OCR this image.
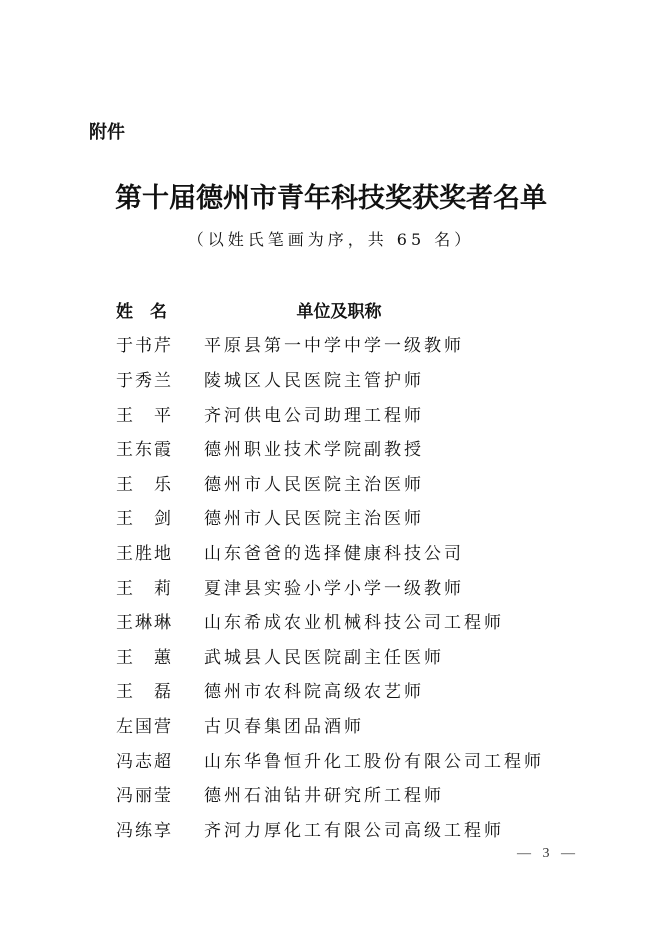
附件
第十届德州市青年科技奖获奖者名单
（以姓氏笔画为序，共 65 名）
姓　名	单位及职称
于书芹	平原县第一中学中学一级教师
于秀兰	陵城区人民医院主管护师
王　平	齐河供电公司助理工程师
王东霞	德州职业技术学院副教授
王　乐	德州市人民医院主治医师
王　剑	德州市人民医院主治医师
王胜地	山东爸爸的选择健康科技公司
王　莉	夏津县实验小学小学一级教师
王琳琳	山东希成农业机械科技公司工程师
王　蕙	武城县人民医院副主任医师
王　磊	德州市农科院高级农艺师
左国营	古贝春集团品酒师
冯志超	山东华鲁恒升化工股份有限公司工程师
冯丽莹	德州石油钻井研究所工程师
冯练享	齐河力厚化工有限公司高级工程师
— 3 —
